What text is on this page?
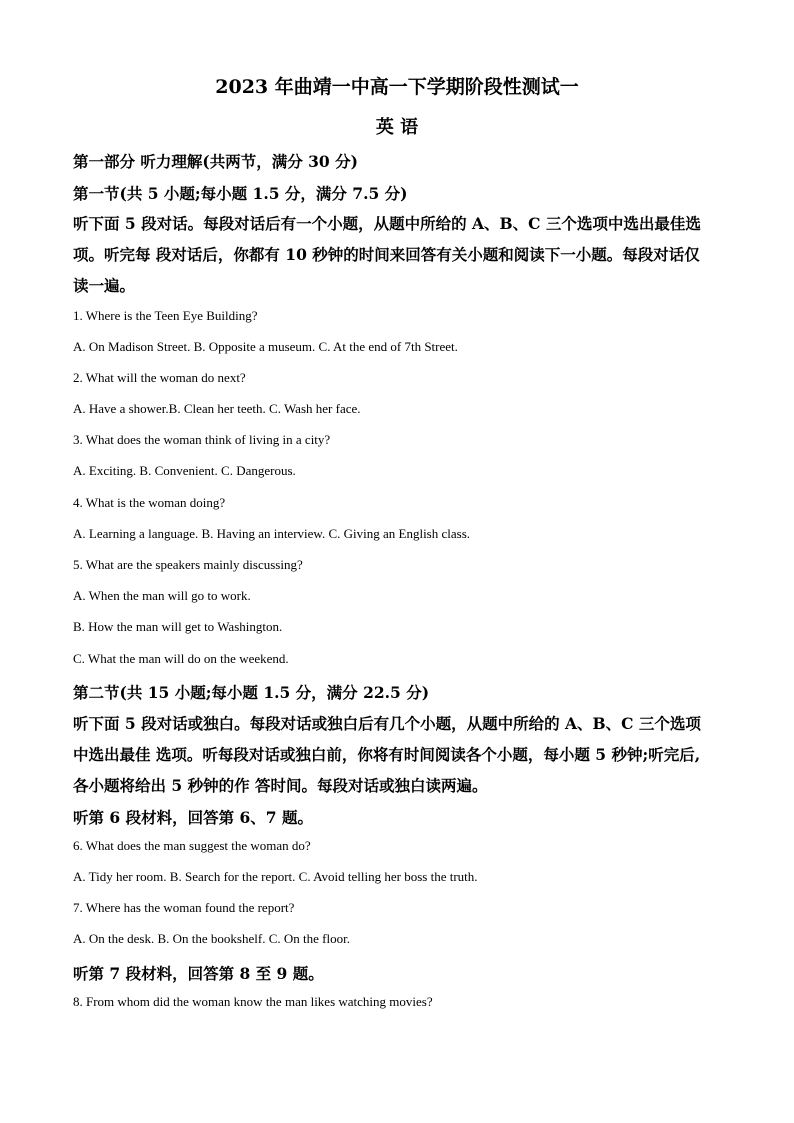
2023 年曲靖一中高一下学期阶段性测试一
英 语
第一部分 听力理解(共两节，满分 30 分)
第一节(共 5 小题;每小题 1.5 分，满分 7.5 分)
听下面 5 段对话。每段对话后有一个小题，从题中所给的 A、B、C 三个选项中选出最佳选
项。听完每 段对话后，你都有 10 秒钟的时间来回答有关小题和阅读下一小题。每段对话仅
读一遍。
1. Where is the Teen Eye Building?
A. On Madison Street. B. Opposite a museum. C. At the end of 7th Street.
2. What will the woman do next?
A. Have a shower.B. Clean her teeth. C. Wash her face.
3. What does the woman think of living in a city?
A. Exciting. B. Convenient. C. Dangerous.
4. What is the woman doing?
A. Learning a language. B. Having an interview. C. Giving an English class.
5. What are the speakers mainly discussing?
A. When the man will go to work.
B. How the man will get to Washington.
C. What the man will do on the weekend.
第二节(共 15 小题;每小题 1.5 分，满分 22.5 分)
听下面 5 段对话或独白。每段对话或独白后有几个小题，从题中所给的 A、B、C 三个选项
中选出最佳 选项。听每段对话或独白前，你将有时间阅读各个小题，每小题 5 秒钟;听完后,
各小题将给出 5 秒钟的作 答时间。每段对话或独白读两遍。
听第 6 段材料，回答第 6、7 题。
6. What does the man suggest the woman do?
A. Tidy her room. B. Search for the report. C. Avoid telling her boss the truth.
7. Where has the woman found the report?
A. On the desk. B. On the bookshelf. C. On the floor.
听第 7 段材料，回答第 8 至 9 题。
8. From whom did the woman know the man likes watching movies?
